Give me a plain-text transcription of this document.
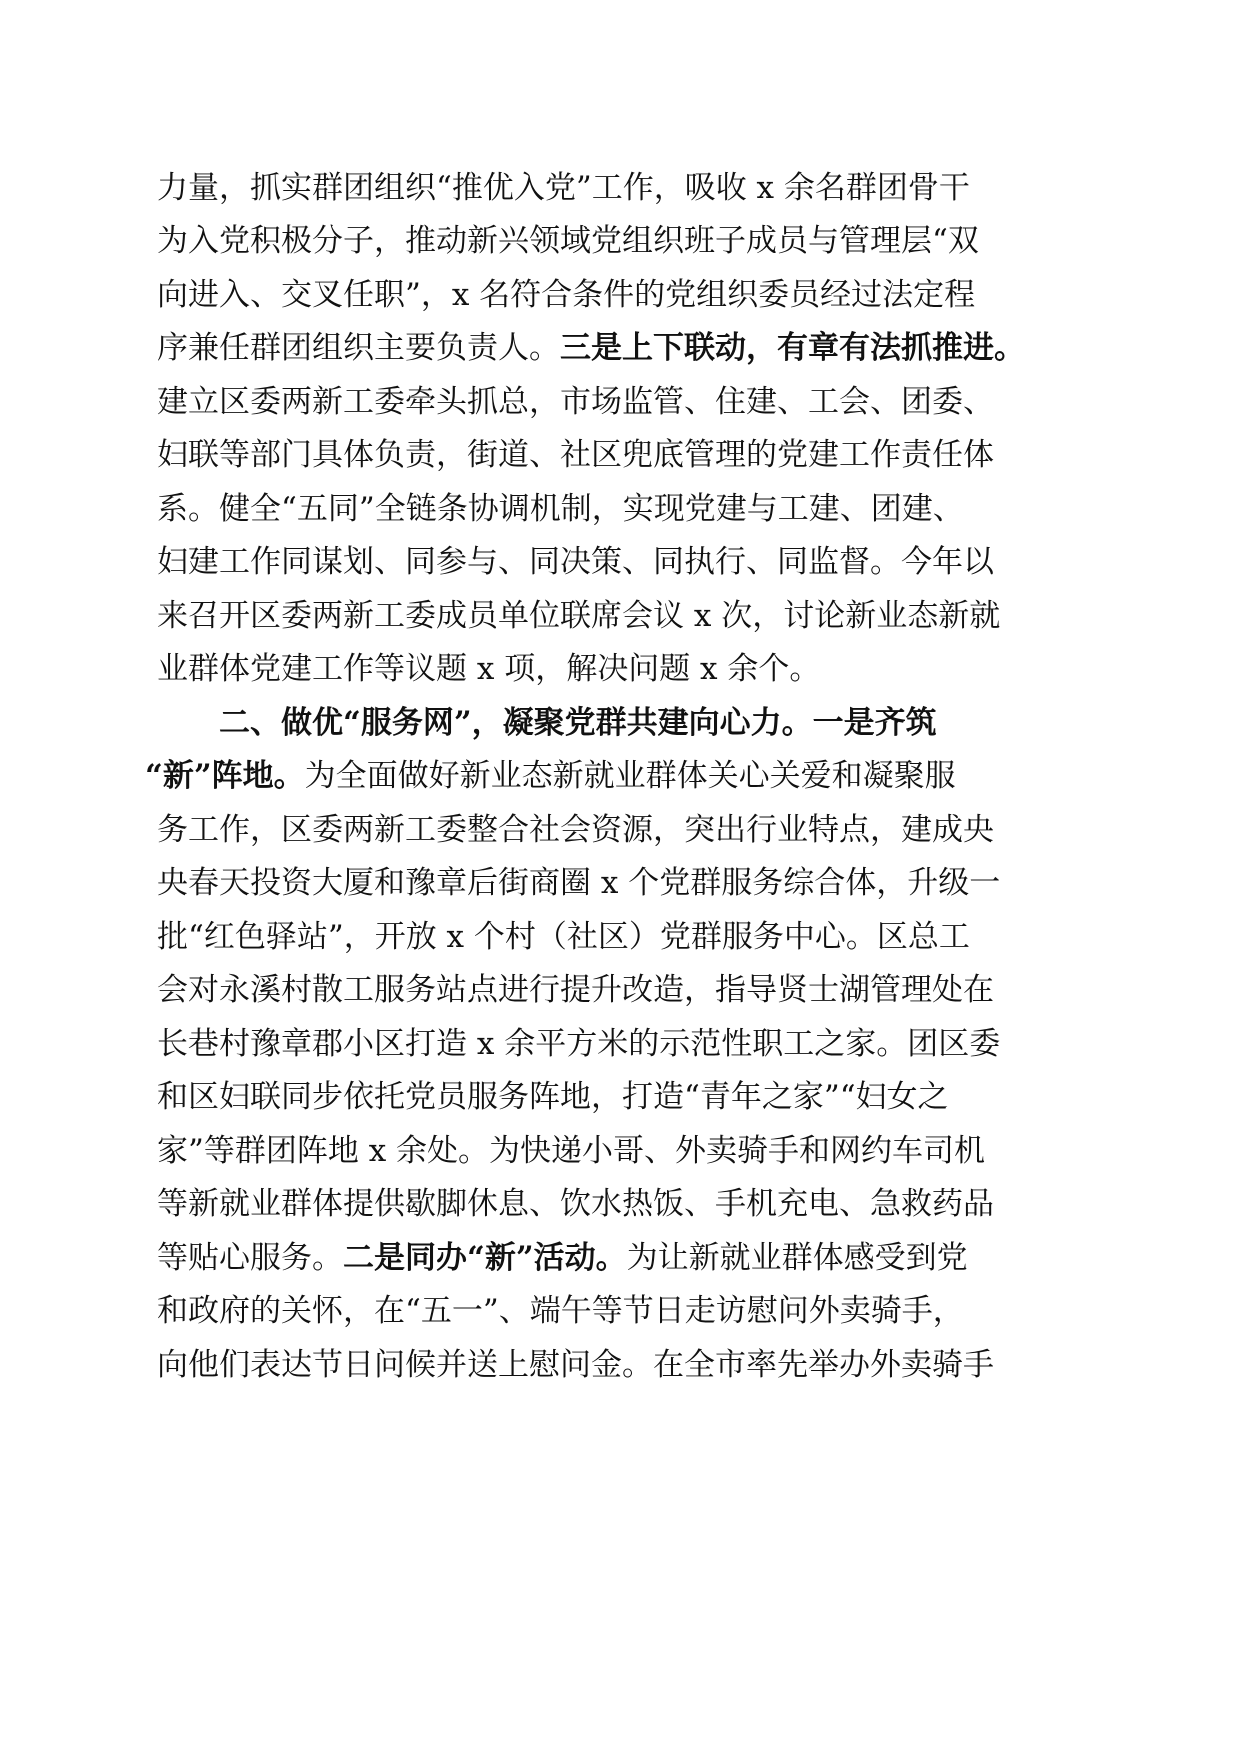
力量，抓实群团组织“推优入党”工作，吸收 x 余名群团骨干
为入党积极分子，推动新兴领域党组织班子成员与管理层“双
向进入、交叉任职”，x 名符合条件的党组织委员经过法定程
序兼任群团组织主要负责人。三是上下联动，有章有法抓推进。
建立区委两新工委牵头抓总，市场监管、住建、工会、团委、
妇联等部门具体负责，街道、社区兜底管理的党建工作责任体
系。健全“五同”全链条协调机制，实现党建与工建、团建、
妇建工作同谋划、同参与、同决策、同执行、同监督。今年以
来召开区委两新工委成员单位联席会议 x 次，讨论新业态新就
业群体党建工作等议题 x 项，解决问题 x 余个。
二、做优“服务网”，凝聚党群共建向心力。一是齐筑
“新”阵地。为全面做好新业态新就业群体关心关爱和凝聚服
务工作，区委两新工委整合社会资源，突出行业特点，建成央
央春天投资大厦和豫章后街商圈 x 个党群服务综合体，升级一
批“红色驿站”，开放 x 个村（社区）党群服务中心。区总工
会对永溪村散工服务站点进行提升改造，指导贤士湖管理处在
长巷村豫章郡小区打造 x 余平方米的示范性职工之家。团区委
和区妇联同步依托党员服务阵地，打造“青年之家”“妇女之
家”等群团阵地 x 余处。为快递小哥、外卖骑手和网约车司机
等新就业群体提供歇脚休息、饮水热饭、手机充电、急救药品
等贴心服务。二是同办“新”活动。为让新就业群体感受到党
和政府的关怀，在“五一”、端午等节日走访慰问外卖骑手，
向他们表达节日问候并送上慰问金。在全市率先举办外卖骑手
